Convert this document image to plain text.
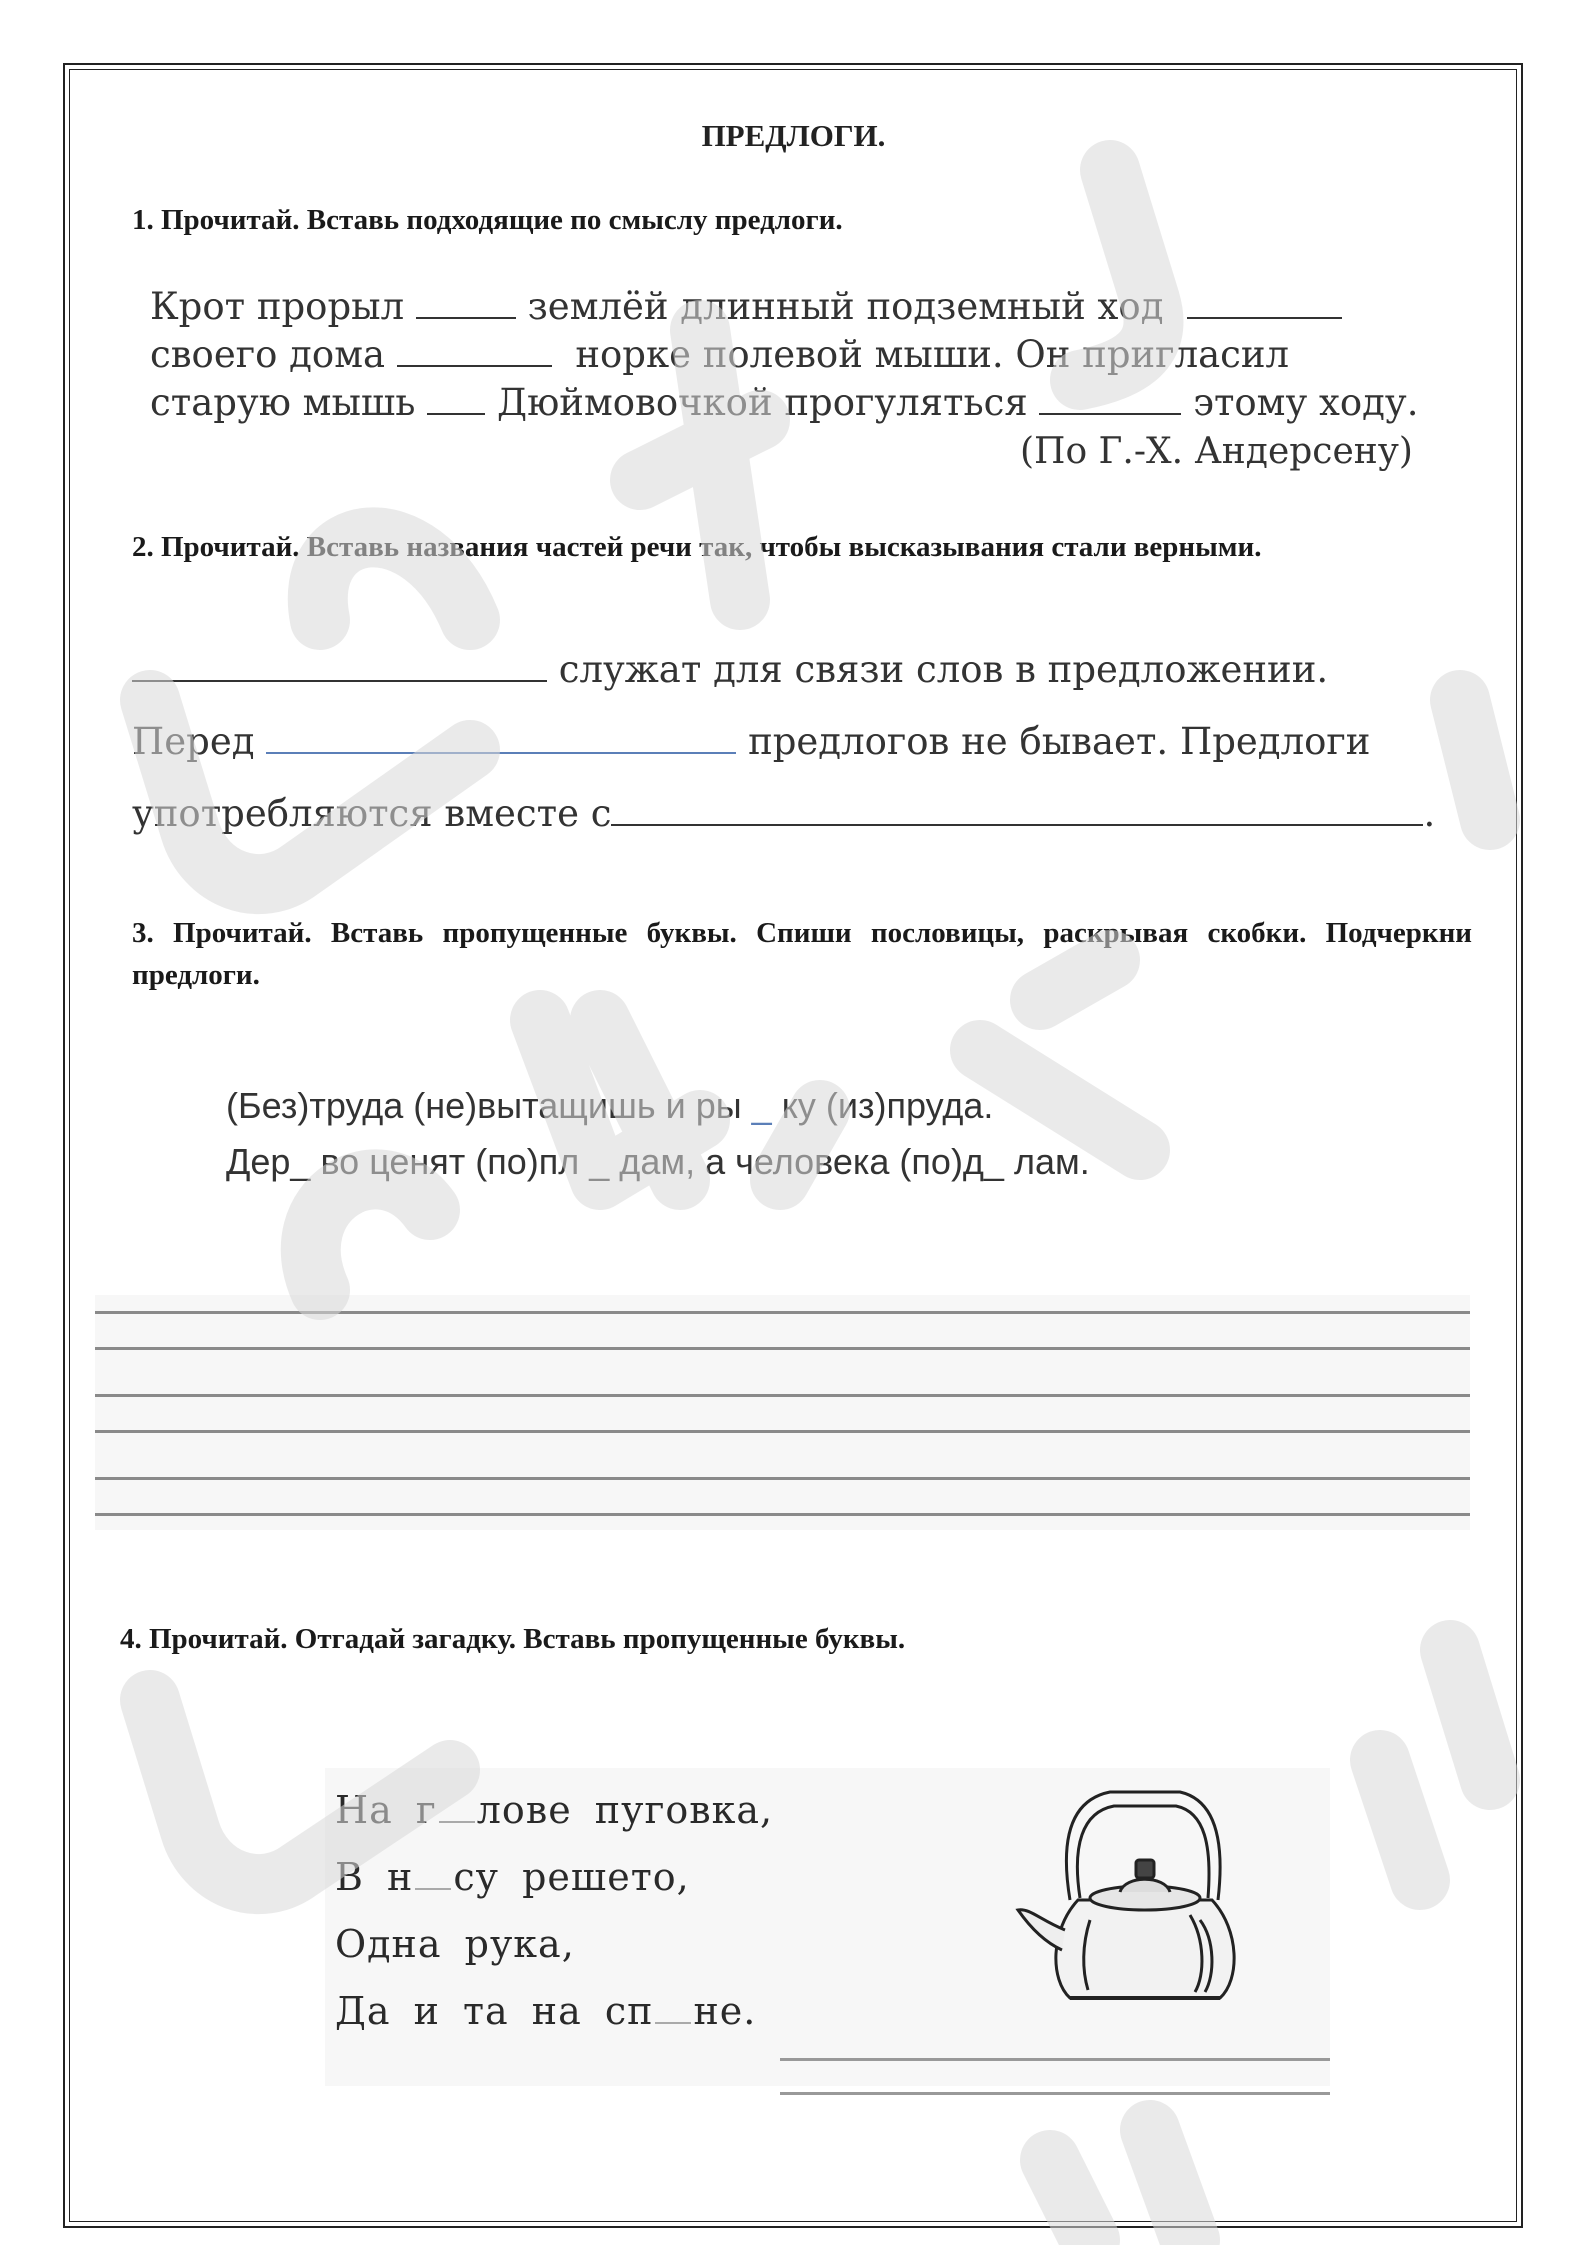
ПРЕДЛОГИ.
1. Прочитай. Вставь подходящие по смыслу предлоги.
Крот прорыл	землёй длинный подземный ход
своего дома	норке полевой мыши. Он пригласил
старую мышь Дюймовочкой прогуляться	этому ходу.
(По Г.-Х. Андерсену)
2. Прочитай. Вставь названия частей речи так, чтобы высказывания стали верными.
служат для связи слов в предложении.
Перед	предлогов не бывает. Предлоги
употребляются вместе с	.
3. Прочитай. Вставь пропущенные буквы. Спиши пословицы, раскрывая скобки. Подчеркни предлоги.
(Без)труда (не)вытащишь и ры _ ку (из)пруда.
Дер_ во ценят (по)пл _ дам, а человека (по)д_ лам.
4. Прочитай. Отгадай загадку. Вставь пропущенные буквы.
На г лове пуговка,
В н су решето,
Одна рука,
Да и та на сп не.
